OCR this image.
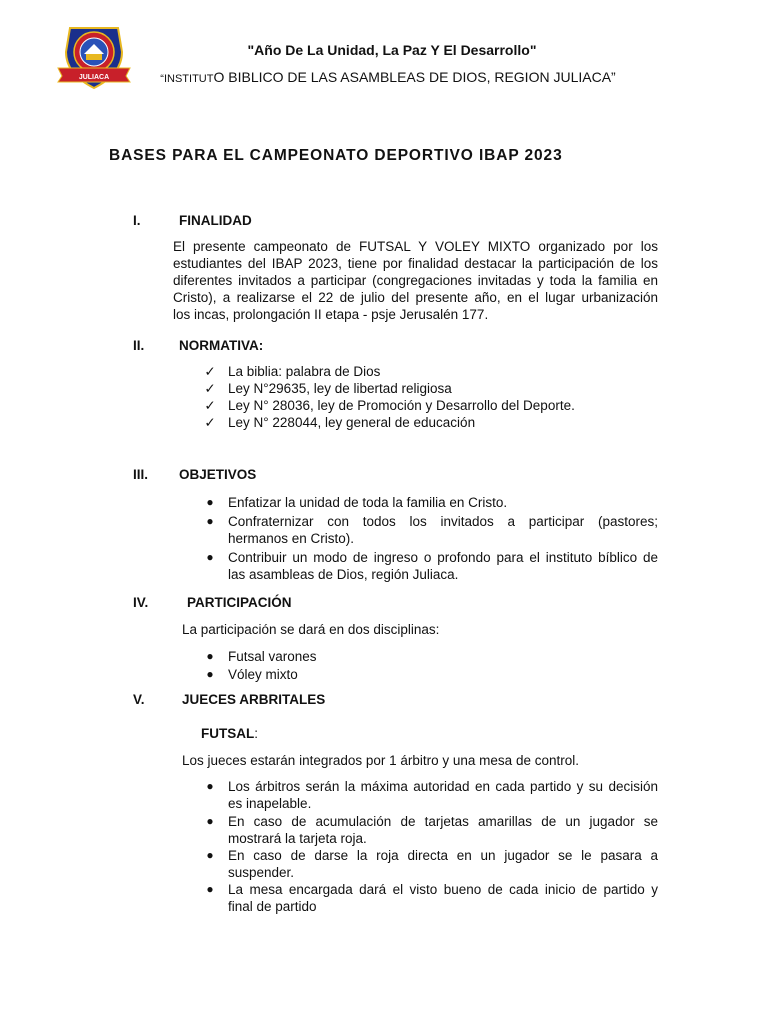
JULIACA
"Año De La Unidad, La Paz Y El Desarrollo"
“INSTITUTO BIBLICO DE LAS ASAMBLEAS DE DIOS, REGION JULIACA”
BASES PARA EL CAMPEONATO DEPORTIVO IBAP 2023
I.	FINALIDAD
El presente campeonato de FUTSAL Y VOLEY MIXTO organizado por los
estudiantes del IBAP 2023, tiene por finalidad destacar la participación de los
diferentes invitados a participar (congregaciones invitadas y toda la familia en
Cristo), a realizarse el 22 de julio del presente año, en el lugar urbanización
los incas, prolongación II etapa - psje Jerusalén 177.
II.	NORMATIVA:
✓ La biblia: palabra de Dios
✓ Ley N°29635, ley de libertad religiosa
✓ Ley N° 28036, ley de Promoción y Desarrollo del Deporte.
✓ Ley N° 228044, ley general de educación
III. OBJETIVOS
● Enfatizar la unidad de toda la familia en Cristo.
● Confraternizar con todos los invitados a participar (pastores;
hermanos en Cristo).
● Contribuir un modo de ingreso o profondo para el instituto bíblico de
las asambleas de Dios, región Juliaca.
IV.	PARTICIPACIÓN
La participación se dará en dos disciplinas:
● Futsal varones
● Vóley mixto
V.	JUECES ARBRITALES
FUTSAL:
Los jueces estarán integrados por 1 árbitro y una mesa de control.
● Los árbitros serán la máxima autoridad en cada partido y su decisión
es inapelable.
● En caso de acumulación de tarjetas amarillas de un jugador se
mostrará la tarjeta roja.
● En caso de darse la roja directa en un jugador se le pasara a
suspender.
● La mesa encargada dará el visto bueno de cada inicio de partido y
final de partido
